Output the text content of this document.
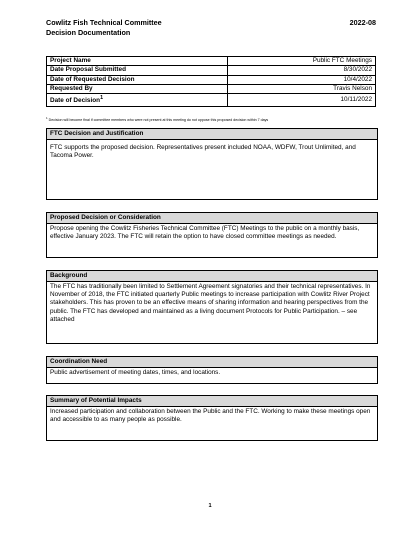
Cowlitz Fish Technical Committee	2022-08
Decision Documentation
Project Name	Public FTC Meetings
Date Proposal Submitted	8/30/2022
Date of Requested Decision	10/4/2022
Requested By	Travis Nelson
Date of Decision$^1$	10/11/2022
$^1$ Decision will become final if committee members who were not present at this meeting do not oppose this proposed decision within 7 days
FTC Decision and Justification
FTC supports the proposed decision. Representatives present included NOAA, WDFW, Trout Unlimited, and Tacoma Power.
Proposed Decision or Consideration
Propose opening the Cowlitz Fisheries Technical Committee (FTC) Meetings to the public on a monthly basis, effective January 2023. The FTC will retain the option to have closed committee meetings as needed.
Background
The FTC has traditionally been limited to Settlement Agreement signatories and their technical representatives. In November of 2018, the FTC initiated quarterly Public meetings to increase participation with Cowlitz River Project stakeholders. This has proven to be an effective means of sharing information and hearing perspectives from the public. The FTC has developed and maintained as a living document Protocols for Public Participation. – see attached
Coordination Need
Public advertisement of meeting dates, times, and locations.
Summary of Potential Impacts
Increased participation and collaboration between the Public and the FTC. Working to make these meetings open and accessible to as many people as possible.
1
